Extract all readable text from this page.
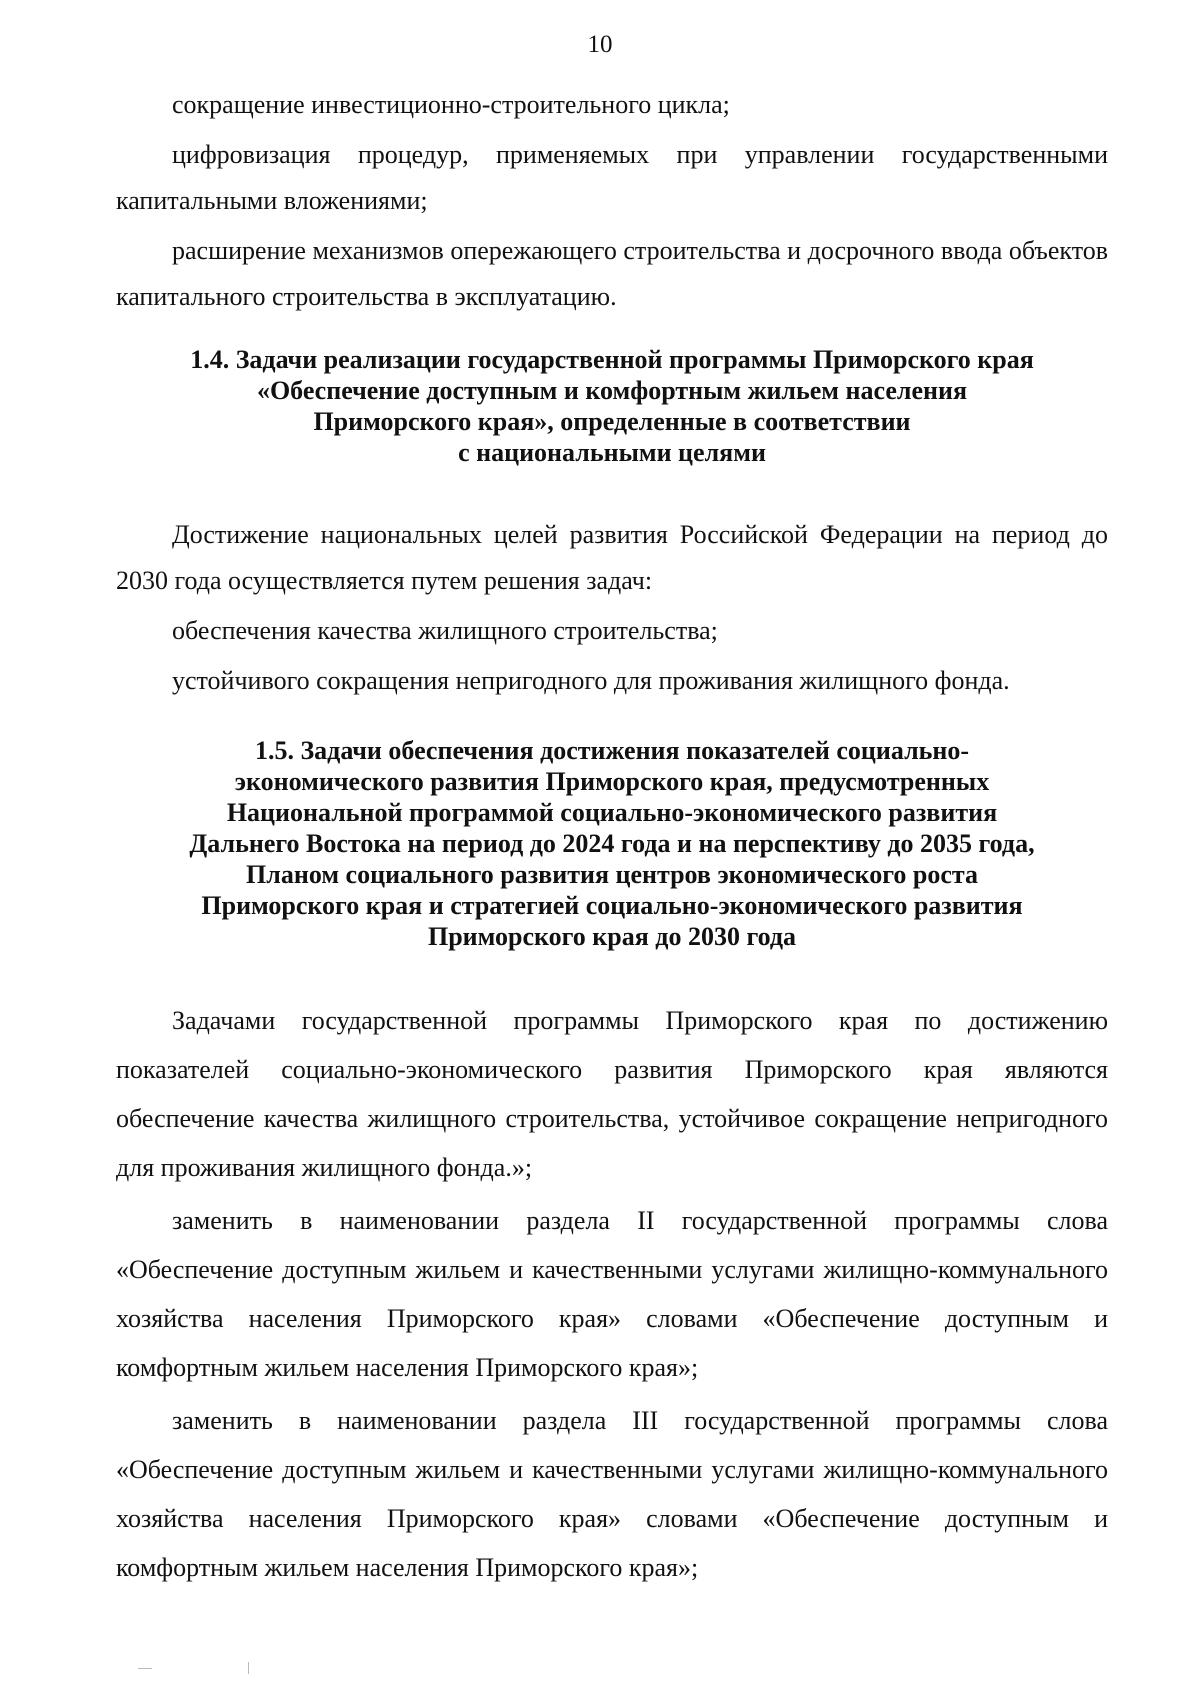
10

сокращение инвестиционно-строительного цикла;

цифровизация процедур, применяемых при управлении государственными капитальными вложениями;

расширение механизмов опережающего строительства и досрочного ввода объектов капитального строительства в эксплуатацию.

1.4. Задачи реализации государственной программы Приморского края

«Обеспечение доступным и комфортным жильем населения

Приморского края», определенные в соответствии

с национальными целями

Достижение национальных целей развития Российской Федерации на период до 2030 года осуществляется путем решения задач:

обеспечения качества жилищного строительства;

устойчивого сокращения непригодного для проживания жилищного фонда.

1.5. Задачи обеспечения достижения показателей социально-

экономического развития Приморского края, предусмотренных

Национальной программой социально-экономического развития

Дальнего Востока на период до 2024 года и на перспективу до 2035 года,

Планом социального развития центров экономического роста

Приморского края и стратегией социально-экономического развития

Приморского края до 2030 года

Задачами государственной программы Приморского края по достижению показателей социально-экономического развития Приморского края являются обеспечение качества жилищного строительства, устойчивое сокращение непригодного для проживания жилищного фонда.»;

заменить в наименовании раздела II государственной программы слова «Обеспечение доступным жильем и качественными услугами жилищно-коммунального хозяйства населения Приморского края» словами «Обеспечение доступным и комфортным жильем населения Приморского края»;

заменить в наименовании раздела III государственной программы слова «Обеспечение доступным жильем и качественными услугами жилищно-коммунального хозяйства населения Приморского края» словами «Обеспечение доступным и комфортным жильем населения Приморского края»;
